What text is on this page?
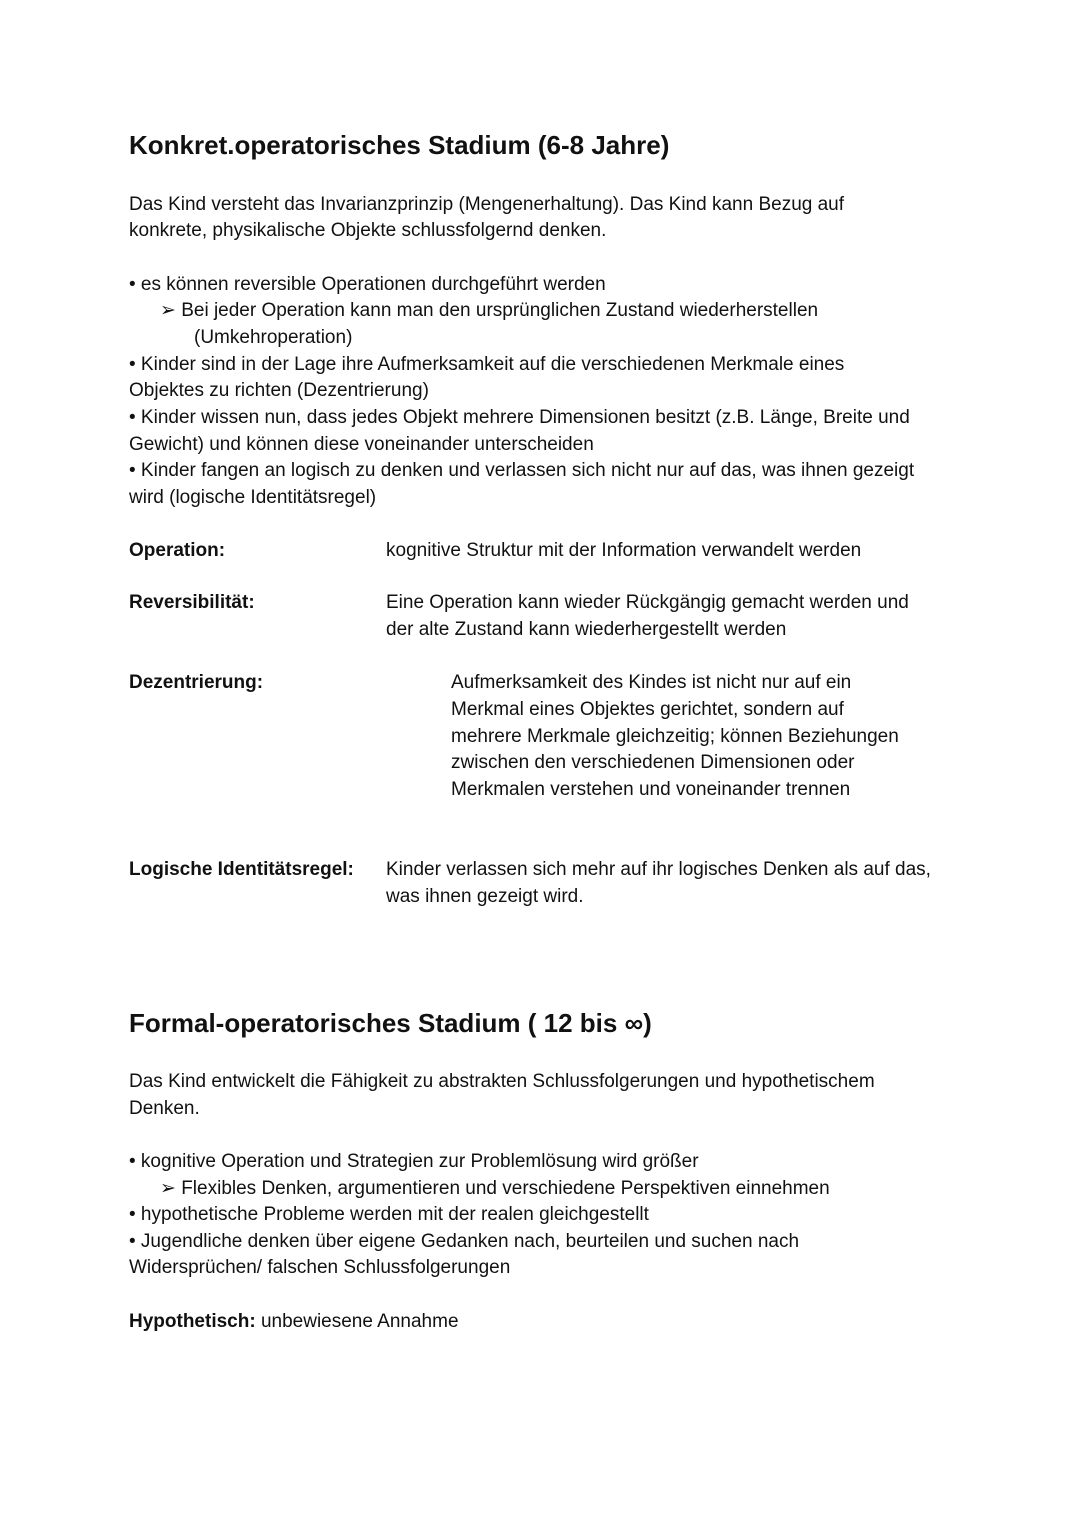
Konkret.operatorisches Stadium (6-8 Jahre)
Das Kind versteht das Invarianzprinzip (Mengenerhaltung). Das Kind kann Bezug auf
konkrete, physikalische Objekte schlussfolgernd denken.
• es können reversible Operationen durchgeführt werden
➢ Bei jeder Operation kann man den ursprünglichen Zustand wiederherstellen
(Umkehroperation)
• Kinder sind in der Lage ihre Aufmerksamkeit auf die verschiedenen Merkmale eines
Objektes zu richten (Dezentrierung)
• Kinder wissen nun, dass jedes Objekt mehrere Dimensionen besitzt (z.B. Länge, Breite und
Gewicht) und können diese voneinander unterscheiden
• Kinder fangen an logisch zu denken und verlassen sich nicht nur auf das, was ihnen gezeigt
wird (logische Identitätsregel)
Operation:	kognitive Struktur mit der Information verwandelt werden
Reversibilität:	Eine Operation kann wieder Rückgängig gemacht werden und
der alte Zustand kann wiederhergestellt werden
Dezentrierung:	Aufmerksamkeit des Kindes ist nicht nur auf ein
Merkmal eines Objektes gerichtet, sondern auf
mehrere Merkmale gleichzeitig; können Beziehungen
zwischen den verschiedenen Dimensionen oder
Merkmalen verstehen und voneinander trennen
Logische Identitätsregel: Kinder verlassen sich mehr auf ihr logisches Denken als auf das,
was ihnen gezeigt wird.
Formal-operatorisches Stadium ( 12 bis ∞)
Das Kind entwickelt die Fähigkeit zu abstrakten Schlussfolgerungen und hypothetischem
Denken.
• kognitive Operation und Strategien zur Problemlösung wird größer
➢ Flexibles Denken, argumentieren und verschiedene Perspektiven einnehmen
• hypothetische Probleme werden mit der realen gleichgestellt
• Jugendliche denken über eigene Gedanken nach, beurteilen und suchen nach
Widersprüchen/ falschen Schlussfolgerungen
Hypothetisch: unbewiesene Annahme
